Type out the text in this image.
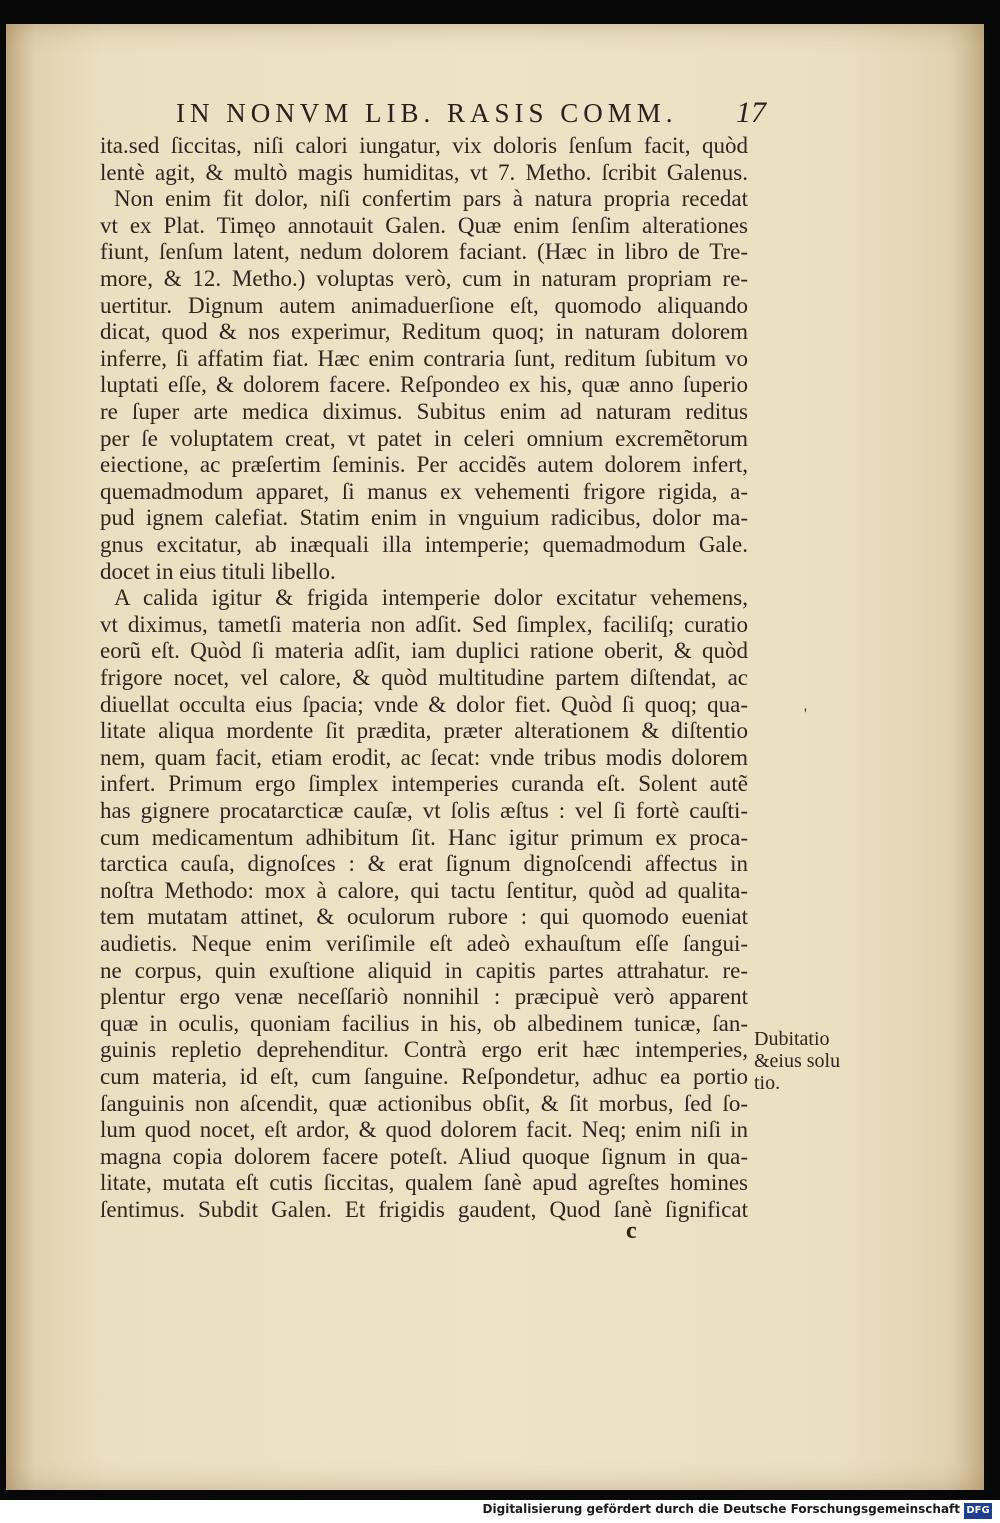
IN NONVM LIB. RASIS COMM. 17
ita.sed ſiccitas, niſi calori iungatur, vix doloris ſenſum facit, quòd
lentè agit, & multò magis humiditas, vt 7. Metho. ſcribit Galenus.
Non enim fit dolor, niſi confertim pars à natura propria recedat
vt ex Plat. Timęo annotauit Galen. Quæ enim ſenſim alterationes
fiunt, ſenſum latent, nedum dolorem faciant. (Hæc in libro de Tre-
more, & 12. Metho.) voluptas verò, cum in naturam propriam re-
uertitur. Dignum autem animaduerſione eſt, quomodo aliquando
dicat, quod & nos experimur, Reditum quoq; in naturam dolorem
inferre, ſi affatim fiat. Hæc enim contraria ſunt, reditum ſubitum vo
luptati eſſe, & dolorem facere. Reſpondeo ex his, quæ anno ſuperio
re ſuper arte medica diximus. Subitus enim ad naturam reditus
per ſe voluptatem creat, vt patet in celeri omnium excremẽtorum
eiectione, ac præſertim ſeminis. Per accidẽs autem dolorem infert,
quemadmodum apparet, ſi manus ex vehementi frigore rigida, a-
pud ignem calefiat. Statim enim in vnguium radicibus, dolor ma-
gnus excitatur, ab inæquali illa intemperie; quemadmodum Gale.
docet in eius tituli libello.
A calida igitur & frigida intemperie dolor excitatur vehemens,
vt diximus, tametſi materia non adſit. Sed ſimplex, faciliſq; curatio
eorũ eſt. Quòd ſi materia adſit, iam duplici ratione oberit, & quòd
frigore nocet, vel calore, & quòd multitudine partem diſtendat, ac
diuellat occulta eius ſpacia; vnde & dolor fiet. Quòd ſi quoq; qua-
litate aliqua mordente ſit prædita, præter alterationem & diſtentio
nem, quam facit, etiam erodit, ac ſecat: vnde tribus modis dolorem
infert. Primum ergo ſimplex intemperies curanda eſt. Solent autẽ
has gignere procatarcticæ cauſæ, vt ſolis æſtus : vel ſi fortè cauſti-
cum medicamentum adhibitum ſit. Hanc igitur primum ex proca-
tarctica cauſa, dignoſces : & erat ſignum dignoſcendi affectus in
noſtra Methodo: mox à calore, qui tactu ſentitur, quòd ad qualita-
tem mutatam attinet, & oculorum rubore : qui quomodo eueniat
audietis. Neque enim veriſimile eſt adeò exhauſtum eſſe ſangui-
ne corpus, quin exuſtione aliquid in capitis partes attrahatur. re-
plentur ergo venæ neceſſariò nonnihil : præcipuè verò apparent
quæ in oculis, quoniam facilius in his, ob albedinem tunicæ, ſan-
guinis repletio deprehenditur. Contrà ergo erit hæc intemperies,
cum materia, id eſt, cum ſanguine. Reſpondetur, adhuc ea portio
ſanguinis non aſcendit, quæ actionibus obſit, & ſit morbus, ſed ſo-
lum quod nocet, eſt ardor, & quod dolorem facit. Neq; enim niſi in
magna copia dolorem facere poteſt. Aliud quoque ſignum in qua-
litate, mutata eſt cutis ſiccitas, qualem ſanè apud agreſtes homines
ſentimus. Subdit Galen. Et frigidis gaudent, Quod ſanè ſignificat
Dubitatio
&eius solu
tio.
'
c
Digitalisierung gefördert durch die Deutsche Forschungsgemeinschaft DFG
